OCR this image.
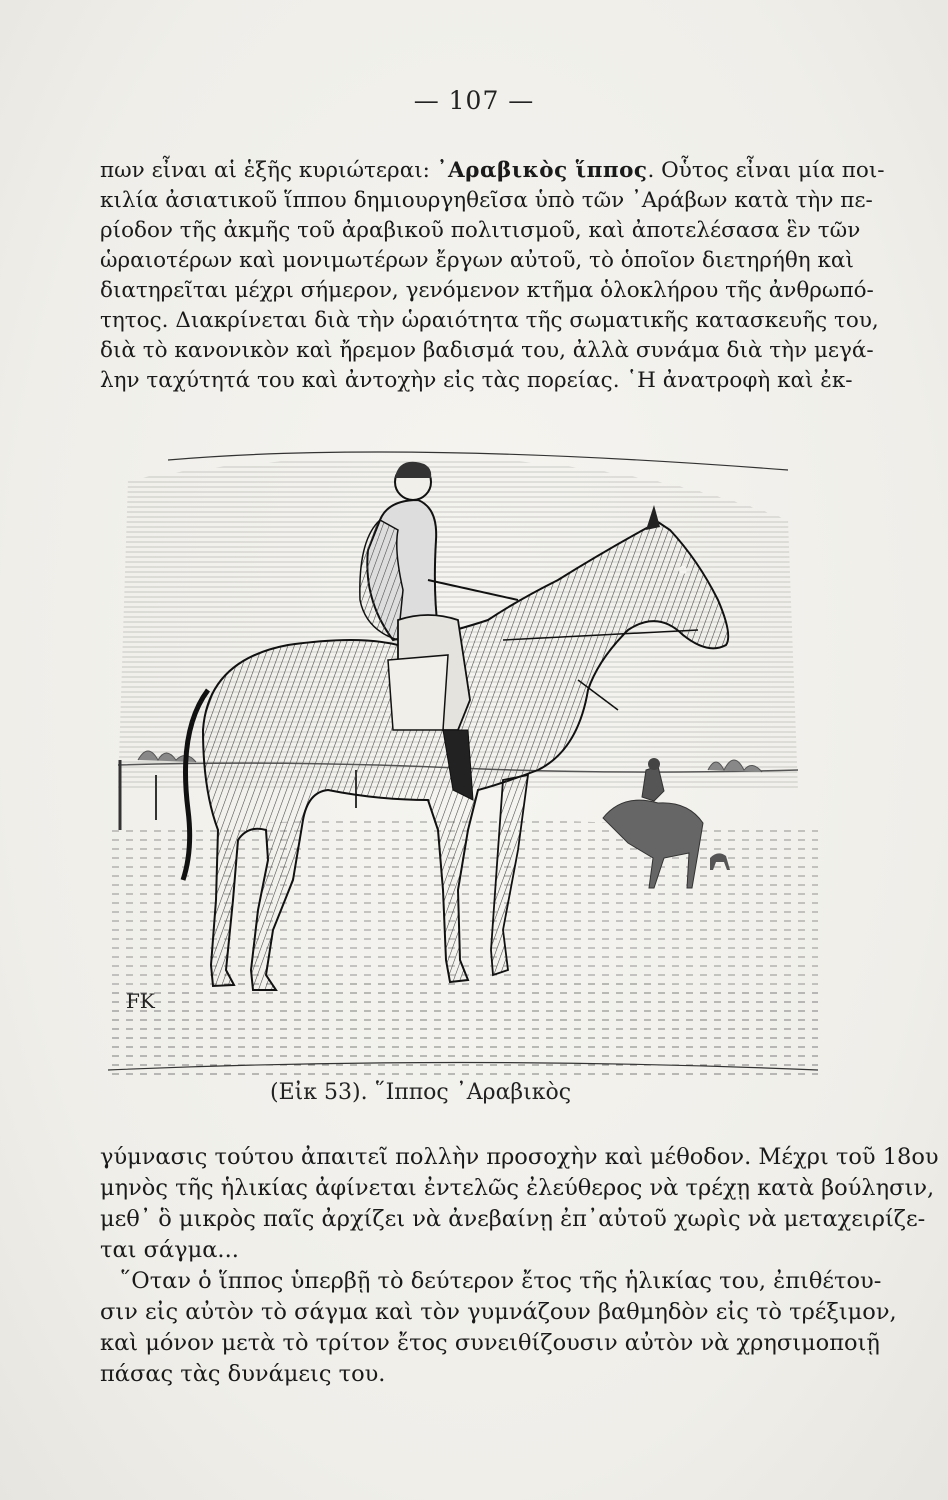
— 107 —
πων εἶναι αἱ ἑξῆς κυριώτεραι: ᾿Αραβικὸς ἵππος. Οὗτος εἶναι μία ποι-
κιλία ἀσιατικοῦ ἵππου δημιουργηθεῖσα ὑπὸ τῶν ᾿Αράβων κατὰ τὴν πε-
ρίοδον τῆς ἀκμῆς τοῦ ἀραβικοῦ πολιτισμοῦ, καὶ ἀποτελέσασα ἓν τῶν
ὡραιοτέρων καὶ μονιμωτέρων ἔργων αὐτοῦ, τὸ ὁποῖον διετηρήθη καὶ
διατηρεῖται μέχρι σήμερον, γενόμενον κτῆμα ὁλοκλήρου τῆς ἀνθρωπό-
τητος. Διακρίνεται διὰ τὴν ὡραιότητα τῆς σωματικῆς κατασκευῆς του,
διὰ τὸ κανονικὸν καὶ ἤρεμον βαδισμά του, ἀλλὰ συνάμα διὰ τὴν μεγά-
λην ταχύτητά του καὶ ἀντοχὴν εἰς τὰς πορείας. ῾Η ἀνατροφὴ καὶ ἐκ-
FK
(Εἰκ 53). ῞Ιππος ᾿Αραβικὸς
γύμνασις τούτου ἀπαιτεῖ πολλὴν προσοχὴν καὶ μέθοδον. Μέχρι τοῦ 18ου
μηνὸς τῆς ἡλικίας ἀφίνεται ἐντελῶς ἐλεύθερος νὰ τρέχῃ κατὰ βούλησιν,
μεθ᾿ ὃ μικρὸς παῖς ἀρχίζει νὰ ἀνεβαίνῃ ἐπ᾿αὐτοῦ χωρὶς νὰ μεταχειρίζε-
ται σάγμα...
῞Οταν ὁ ἵππος ὑπερβῇ τὸ δεύτερον ἔτος τῆς ἡλικίας του, ἐπιθέτου-
σιν εἰς αὐτὸν τὸ σάγμα καὶ τὸν γυμνάζουν βαθμηδὸν εἰς τὸ τρέξιμον,
καὶ μόνον μετὰ τὸ τρίτον ἔτος συνειθίζουσιν αὐτὸν νὰ χρησιμοποιῇ
πάσας τὰς δυνάμεις του.
